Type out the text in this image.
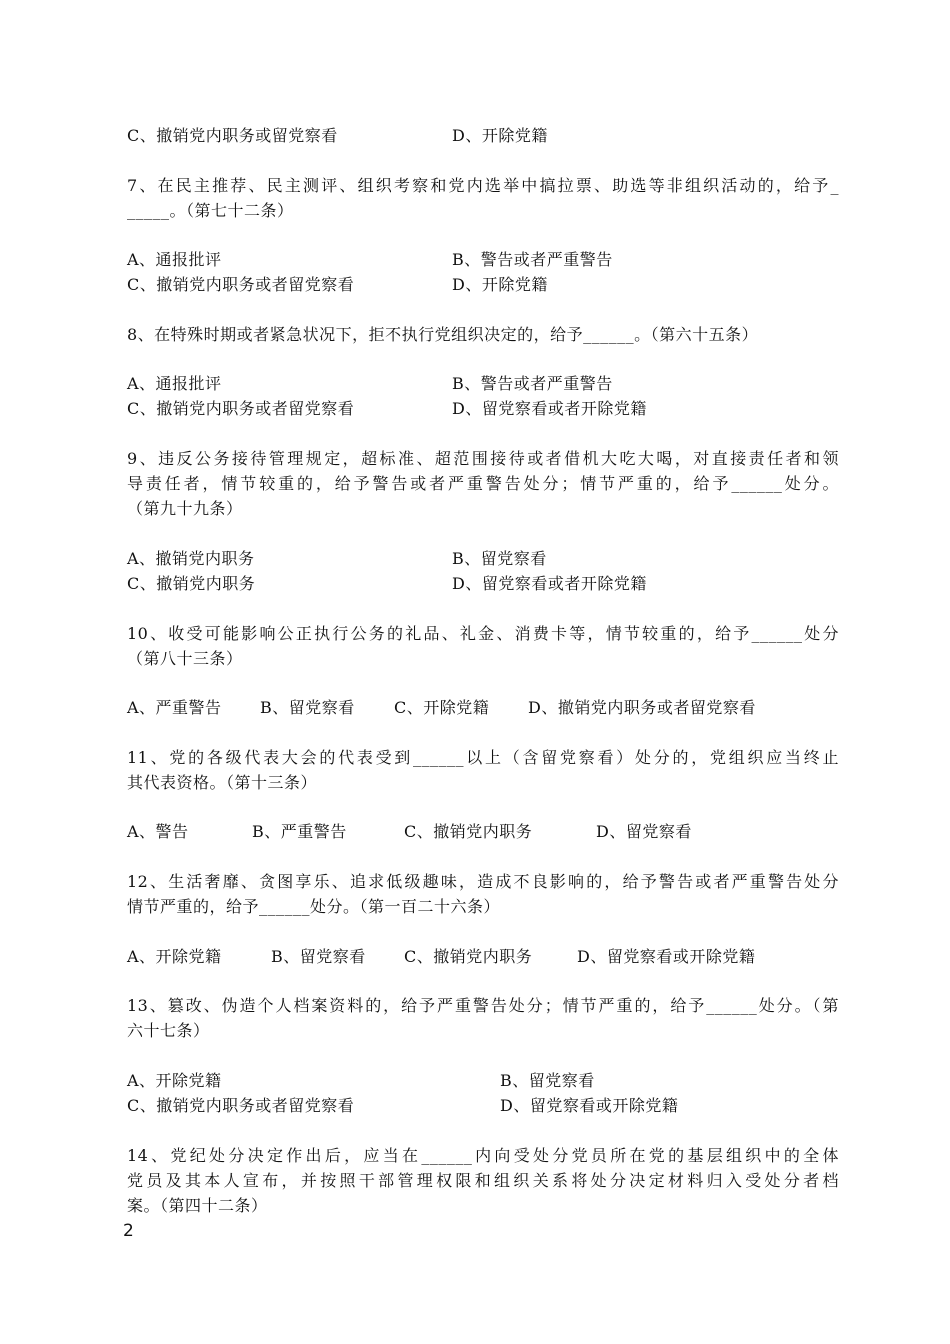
C、撤销党内职务或留党察看	D、开除党籍
7、在民主推荐、民主测评、组织考察和党内选举中搞拉票、助选等非组织活动的，给予_
_____。（第七十二条）
A、通报批评	B、警告或者严重警告
C、撤销党内职务或者留党察看	D、开除党籍
8、在特殊时期或者紧急状况下，拒不执行党组织决定的，给予______。（第六十五条）
A、通报批评	B、警告或者严重警告
C、撤销党内职务或者留党察看	D、留党察看或者开除党籍
9、违反公务接待管理规定，超标准、超范围接待或者借机大吃大喝，对直接责任者和领
导责任者，情节较重的，给予警告或者严重警告处分；情节严重的，给予______处分。
（第九十九条）
A、撤销党内职务	B、留党察看
C、撤销党内职务	D、留党察看或者开除党籍
10、收受可能影响公正执行公务的礼品、礼金、消费卡等，情节较重的，给予______处分
（第八十三条）
A、严重警告 B、留党察看 C、开除党籍 D、撤销党内职务或者留党察看
11、党的各级代表大会的代表受到______以上（含留党察看）处分的，党组织应当终止
其代表资格。（第十三条）
A、警告	B、严重警告	C、撤销党内职务	D、留党察看
12、生活奢靡、贪图享乐、追求低级趣味，造成不良影响的，给予警告或者严重警告处分
情节严重的，给予______处分。（第一百二十六条）
A、开除党籍	B、留党察看 C、撤销党内职务	D、留党察看或开除党籍
13、篡改、伪造个人档案资料的，给予严重警告处分；情节严重的，给予______处分。（第
六十七条）
A、开除党籍	B、留党察看
C、撤销党内职务或者留党察看	D、留党察看或开除党籍
14、党纪处分决定作出后，应当在______内向受处分党员所在党的基层组织中的全体
党员及其本人宣布，并按照干部管理权限和组织关系将处分决定材料归入受处分者档
案。（第四十二条）
2
